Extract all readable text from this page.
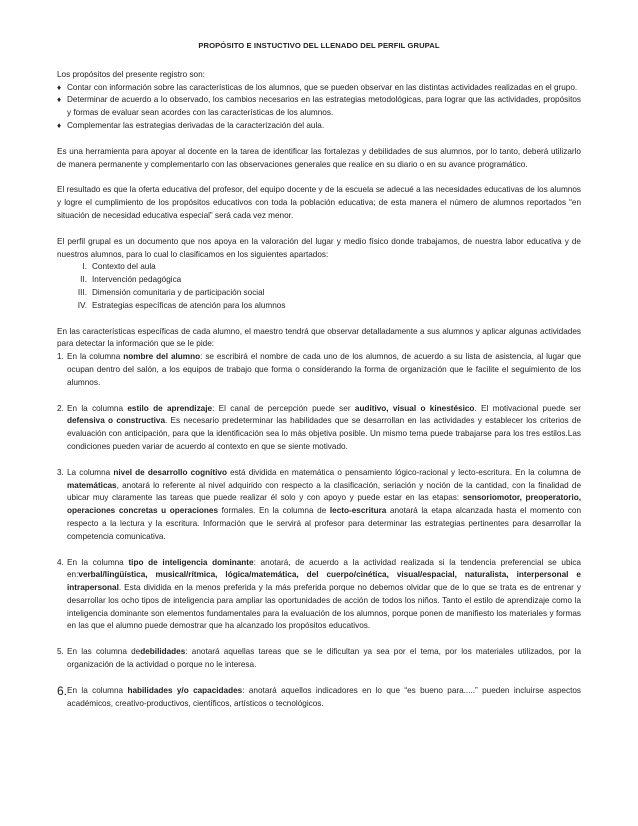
PROPÓSITO E INSTUCTIVO DEL LLENADO DEL PERFIL GRUPAL

Los propósitos del presente registro son:

♦ Contar con información sobre las características de los alumnos, que se pueden observar en las distintas actividades realizadas en el grupo.
♦ Determinar de acuerdo a lo observado, los cambios necesarios en las estrategias metodológicas, para lograr que las actividades, propósitos y formas de evaluar sean acordes con las características de los alumnos.
♦ Complementar las estrategias derivadas de la caracterización del aula.

Es una herramienta para apoyar al docente en la tarea de identificar las fortalezas y debilidades de sus alumnos, por lo tanto, deberá utilizarlo de manera permanente y complementarlo con las observaciones generales que realice en su diario o en su avance programático.

El resultado es que la oferta educativa del profesor, del equipo docente y de la escuela se adecué a las necesidades educativas de los alumnos y logre el cumplimiento de los propósitos educativos con toda la población educativa; de esta manera el número de alumnos reportados “en situación de necesidad educativa especial” será cada vez menor.

El perfil grupal es un documento que nos apoya en la valoración del lugar y medio físico donde trabajamos, de nuestra labor educativa y de nuestros alumnos, para lo cual lo clasificamos en los siguientes apartados:

I. Contexto del aula
II. Intervención pedagógica
III. Dimensión comunitaria y de participación social
IV. Estrategias específicas de atención para los alumnos

En las características específicas de cada alumno, el maestro tendrá que observar detalladamente a sus alumnos y aplicar algunas actividades para detectar la información que se le pide:

1. En la columna nombre del alumno: se escribirá el nombre de cada uno de los alumnos, de acuerdo a su lista de asistencia, al lugar que ocupan dentro del salón, a los equipos de trabajo que forma o considerando la forma de organización que le facilite el seguimiento de los alumnos.
2. En la columna estilo de aprendizaje: El canal de percepción puede ser auditivo, visual o kinestésico. El motivacional puede ser defensiva o constructiva. Es necesario predeterminar las habilidades que se desarrollan en las actividades y establecer los criterios de evaluación con anticipación, para que la identificación sea lo más objetiva posible. Un mismo tema puede trabajarse para los tres estilos.Las condiciones pueden variar de acuerdo al contexto en que se siente motivado.
3. La columna nivel de desarrollo cognitivo está dividida en matemática o pensamiento lógico-racional y lecto-escritura. En la columna de matemáticas, anotará lo referente al nivel adquirido con respecto a la clasificación, seriación y noción de la cantidad, con la finalidad de ubicar muy claramente las tareas que puede realizar él solo y con apoyo y puede estar en las etapas: sensoriomotor, preoperatorio, operaciones concretas u operaciones formales. En la columna de lecto-escritura anotará la etapa alcanzada hasta el momento con respecto a la lectura y la escritura. Información que le servirá al profesor para determinar las estrategias pertinentes para desarrollar la competencia comunicativa.
4. En la columna tipo de inteligencia dominante: anotará, de acuerdo a la actividad realizada si la tendencia preferencial se ubica en:verbal/lingüística, musical/rítmica, lógica/matemática, del cuerpo/cinética, visual/espacial, naturalista, interpersonal e intrapersonal. Esta dividida en la menos preferida y la más preferida porque no debemos olvidar que de lo que se trata es de entrenar y desarrollar los ocho tipos de inteligencia para ampliar las oportunidades de acción de todos los niños. Tanto el estilo de aprendizaje como la inteligencia dominante son elementos fundamentales para la evaluación de los alumnos, porque ponen de manifiesto los materiales y formas en las que el alumno puede demostrar que ha alcanzado los propósitos educativos.
5. En las columna dedebilidades: anotará aquellas tareas que se le dificultan ya sea por el tema, por los materiales utilizados, por la organización de la actividad o porque no le interesa.
6. En la columna habilidades y/o capacidades: anotará aquellos indicadores en lo que “es bueno para.....” pueden incluirse aspectos académicos, creativo-productivos, científicos, artísticos o tecnológicos.
